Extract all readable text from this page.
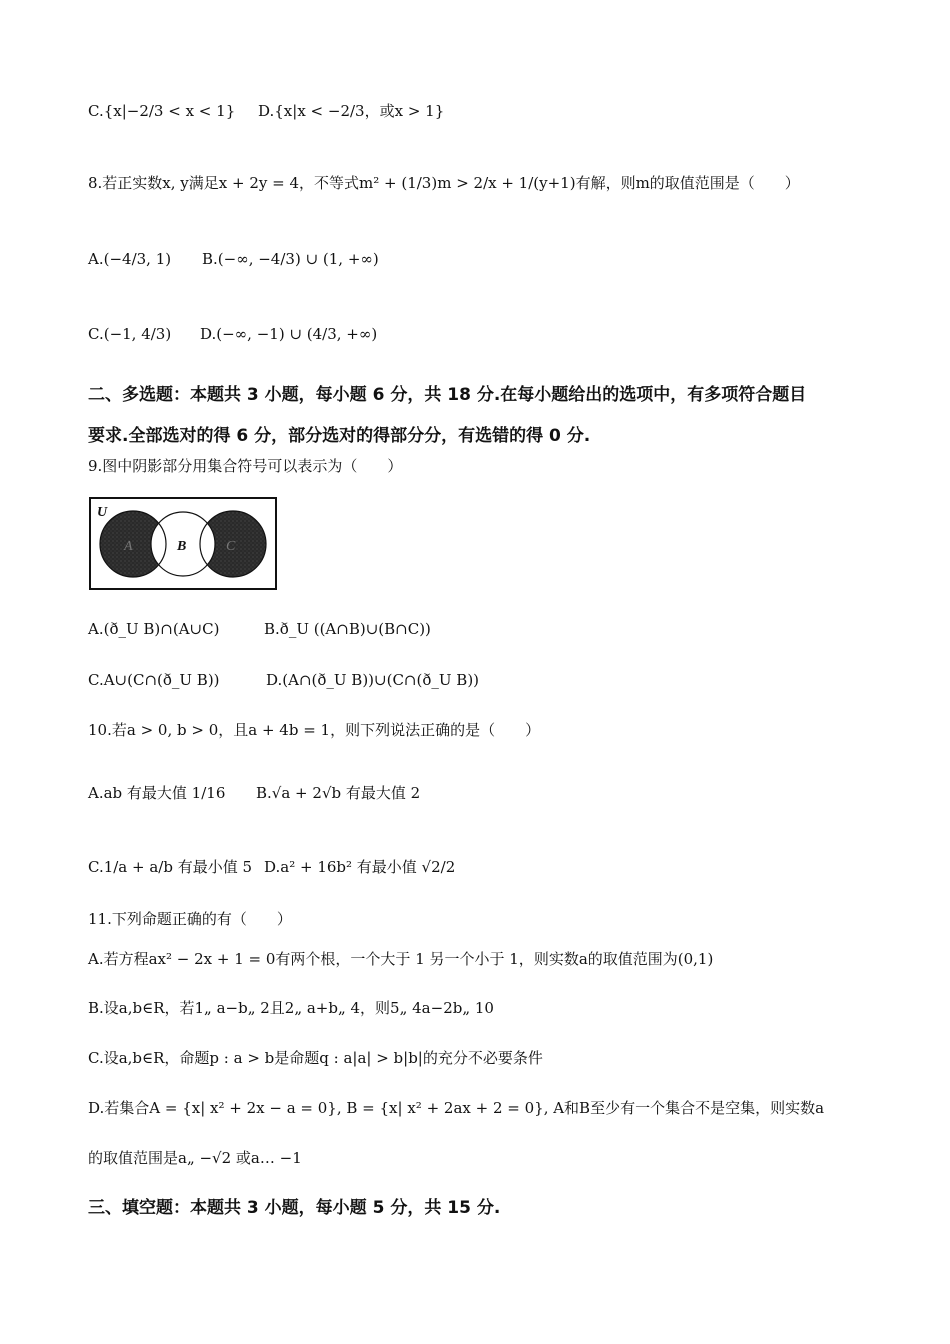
C.{x|−2/3 < x < 1} D.{x|x < −2/3，或x > 1}
8.若正实数x, y满足x + 2y = 4，不等式m² + (1/3)m > 2/x + 1/(y+1)有解，则m的取值范围是（　　）
A.(−4/3, 1) B.(−∞, −4/3) ∪ (1, +∞)
C.(−1, 4/3) D.(−∞, −1) ∪ (4/3, +∞)
二、多选题：本题共 3 小题，每小题 6 分，共 18 分.在每小题给出的选项中，有多项符合题目
要求.全部选对的得 6 分，部分选对的得部分分，有选错的得 0 分.
9.图中阴影部分用集合符号可以表示为（　　）
U
A	B	C
A.(ð_U B)∩(A∪C)	B.ð_U ((A∩B)∪(B∩C))
C.A∪(C∩(ð_U B))	D.(A∩(ð_U B))∪(C∩(ð_U B))
10.若a > 0, b > 0，且a + 4b = 1，则下列说法正确的是（　　）
A.ab 有最大值 1/16 B.√a + 2√b 有最大值 2
C.1/a + a/b 有最小值 5 D.a² + 16b² 有最小值 √2/2
11.下列命题正确的有（　　）
A.若方程ax² − 2x + 1 = 0有两个根，一个大于 1 另一个小于 1，则实数a的取值范围为(0,1)
B.设a,b∈R，若1„ a−b„ 2且2„ a+b„ 4，则5„ 4a−2b„ 10
C.设a,b∈R，命题p : a > b是命题q : a|a| > b|b|的充分不必要条件
D.若集合A = {x| x² + 2x − a = 0}, B = {x| x² + 2ax + 2 = 0}, A和B至少有一个集合不是空集，则实数a
的取值范围是a„ −√2 或a… −1
三、填空题：本题共 3 小题，每小题 5 分，共 15 分.
